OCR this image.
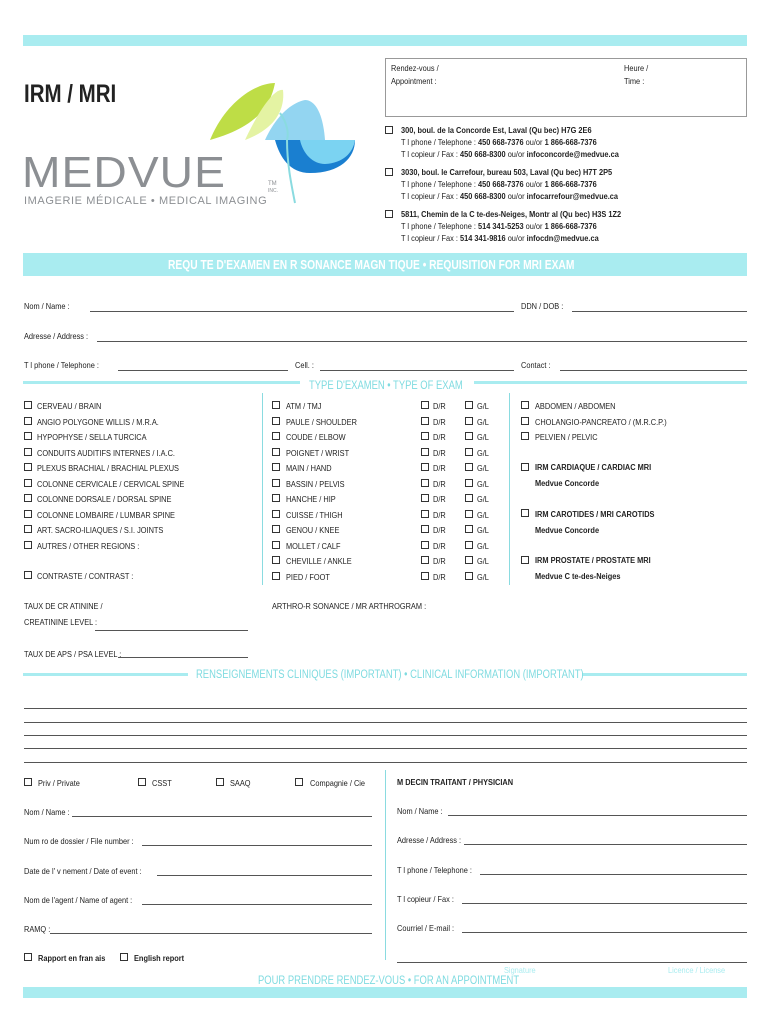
IRM / MRI
MEDVUE	TM
INC.
IMAGERIE MÉDICALE • MEDICAL IMAGING
Rendez-vous /
Appointment :
Heure /
Time :
300, boul. de la Concorde Est, Laval (Qu bec) H7G 2E6
T l phone / Telephone : 450 668-7376 ou/or 1 866-668-7376
T l copieur / Fax : 450 668-8300 ou/or infoconcorde@medvue.ca
3030, boul. le Carrefour, bureau 503, Laval (Qu bec) H7T 2P5
T l phone / Telephone : 450 668-7376 ou/or 1 866-668-7376
T l copieur / Fax : 450 668-8300 ou/or infocarrefour@medvue.ca
5811, Chemin de la C te-des-Neiges, Montr al (Qu bec) H3S 1Z2
T l phone / Telephone : 514 341-5253 ou/or 1 866-668-7376
T l copieur / Fax : 514 341-9816 ou/or infocdn@medvue.ca
REQU TE D'EXAMEN EN R SONANCE MAGN TIQUE • REQUISITION FOR MRI EXAM
Nom / Name :	DDN / DOB :
Adresse / Address :
T l phone / Telephone :	Cell. :	Contact :
TYPE D'EXAMEN • TYPE OF EXAM
CERVEAU / BRAIN
ANGIO POLYGONE WILLIS / M.R.A.
HYPOPHYSE / SELLA TURCICA
CONDUITS AUDITIFS INTERNES / I.A.C.
PLEXUS BRACHIAL / BRACHIAL PLEXUS
COLONNE CERVICALE / CERVICAL SPINE
COLONNE DORSALE / DORSAL SPINE
COLONNE LOMBAIRE / LUMBAR SPINE
ART. SACRO-ILIAQUES / S.I. JOINTS
AUTRES / OTHER REGIONS :
ATM / TMJ	D/R	G/L
PAULE / SHOULDER	D/R	G/L
COUDE / ELBOW	D/R	G/L
POIGNET / WRIST	D/R	G/L
MAIN / HAND	D/R	G/L
BASSIN / PELVIS	D/R	G/L
HANCHE / HIP	D/R	G/L
CUISSE / THIGH	D/R	G/L
GENOU / KNEE	D/R	G/L
MOLLET / CALF	D/R	G/L
CHEVILLE / ANKLE	D/R	G/L
PIED / FOOT	D/R	G/L
ABDOMEN / ABDOMEN
CHOLANGIO-PANCREATO / (M.R.C.P.)
PELVIEN / PELVIC
CONTRASTE / CONTRAST :
IRM CARDIAQUE / CARDIAC MRI
Medvue Concorde
IRM CAROTIDES / MRI CAROTIDS
Medvue Concorde
IRM PROSTATE / PROSTATE MRI
Medvue C te-des-Neiges
TAUX DE CR ATININE /
CREATININE LEVEL :
ARTHRO-R SONANCE / MR ARTHROGRAM :
TAUX DE APS / PSA LEVEL :
RENSEIGNEMENTS CLINIQUES (IMPORTANT) • CLINICAL INFORMATION (IMPORTANT)
Priv / Private	CSST	SAAQ	Compagnie / Cie
Nom / Name :
Num ro de dossier / File number :
Date de l' v nement / Date of event :
Nom de l'agent / Name of agent :
RAMQ :
M DECIN TRAITANT / PHYSICIAN
Nom / Name :
Adresse / Address :
T l phone / Telephone :
T l copieur / Fax :
Courriel / E-mail :
Rapport en fran ais	English report
Signature	Licence / License
POUR PRENDRE RENDEZ-VOUS • FOR AN APPOINTMENT
